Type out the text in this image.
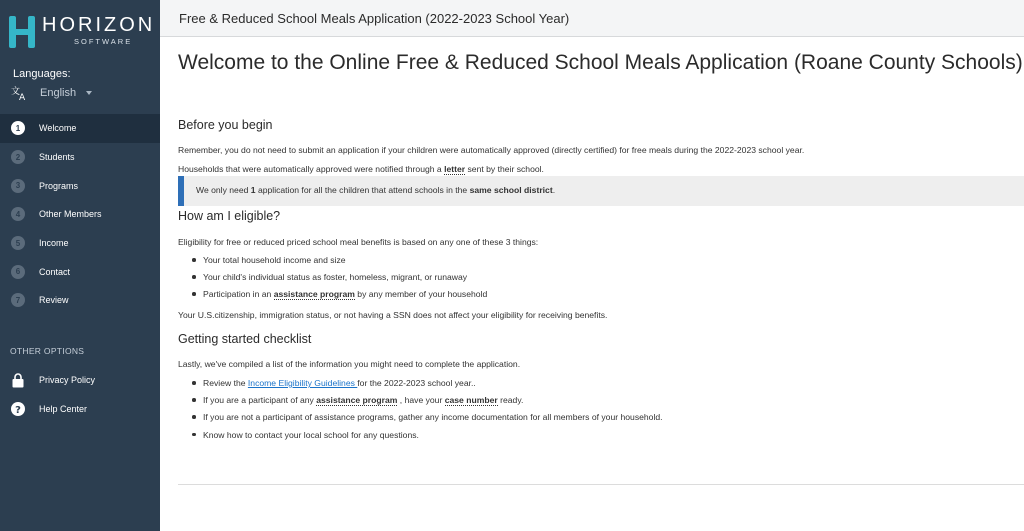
HORIZON
SOFTWARE
Languages:
文
A English
1	Welcome
2	Students
3	Programs
4	Other Members
5	Income
6	Contact
7	Review
OTHER OPTIONS
Privacy Policy
? Help Center
Free & Reduced School Meals Application (2022-2023 School Year)
Welcome to the Online Free & Reduced School Meals Application (Roane County Schools)
Before you begin
Remember, you do not need to submit an application if your children were automatically approved (directly certified) for free meals during the 2022-2023 school year.
Households that were automatically approved were notified through a letter sent by their school.
We only need 1 application for all the children that attend schools in the same school district.
How am I eligible?
Eligibility for free or reduced priced school meal benefits is based on any one of these 3 things:
Your total household income and size
Your child's individual status as foster, homeless, migrant, or runaway
Participation in an assistance program by any member of your household
Your U.S.citizenship, immigration status, or not having a SSN does not affect your eligibility for receiving benefits.
Getting started checklist
Lastly, we've compiled a list of the information you might need to complete the application.
Review the Income Eligibility Guidelines for the 2022-2023 school year..
If you are a participant of any assistance program , have your case number ready.
If you are not a participant of assistance programs, gather any income documentation for all members of your household.
Know how to contact your local school for any questions.
